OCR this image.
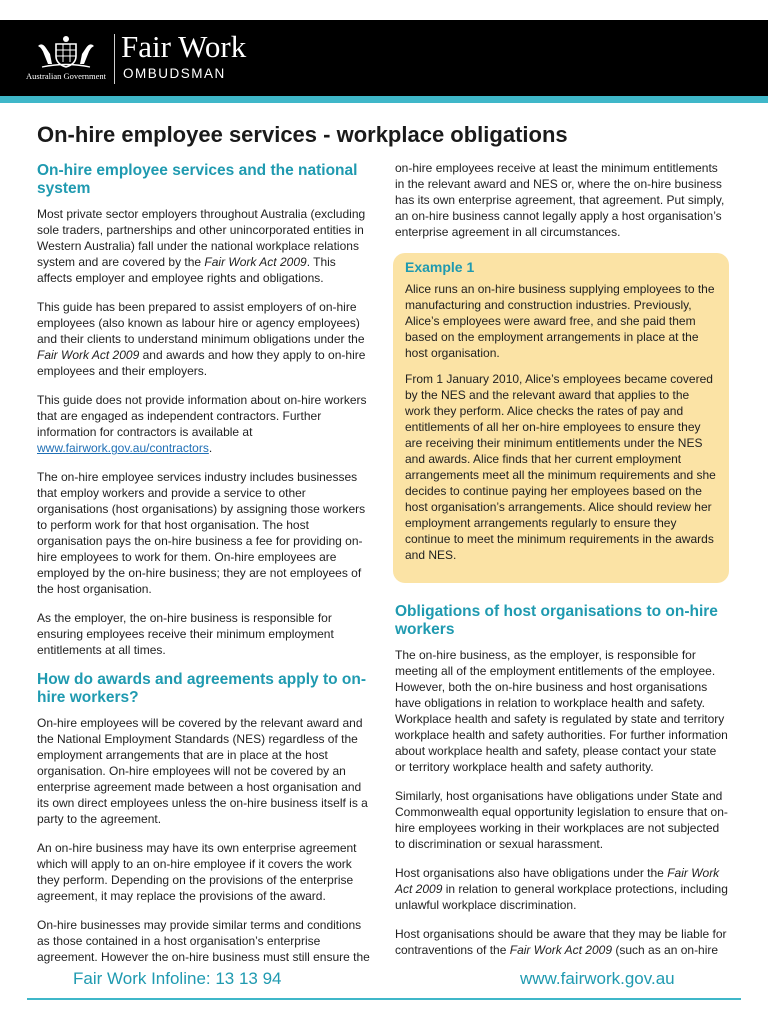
Australian Government
Fair Work
OMBUDSMAN
On-hire employee services - workplace obligations
On-hire employee services and the national system

Most private sector employers throughout Australia (excluding sole traders, partnerships and other unincorporated entities in Western Australia) fall under the national workplace relations system and are covered by the Fair Work Act 2009. This affects employer and employee rights and obligations.

This guide has been prepared to assist employers of on-hire employees (also known as labour hire or agency employees) and their clients to understand minimum obligations under the Fair Work Act 2009 and awards and how they apply to on-hire employees and their employers.

This guide does not provide information about on-hire workers that are engaged as independent contractors. Further information for contractors is available at www.fairwork.gov.au/contractors.

The on-hire employee services industry includes businesses that employ workers and provide a service to other organisations (host organisations) by assigning those workers to perform work for that host organisation. The host organisation pays the on-hire business a fee for providing on-hire employees to work for them. On-hire employees are employed by the on-hire business; they are not employees of the host organisation.

As the employer, the on-hire business is responsible for ensuring employees receive their minimum employment entitlements at all times.

How do awards and agreements apply to on-hire workers?

On-hire employees will be covered by the relevant award and the National Employment Standards (NES) regardless of the employment arrangements that are in place at the host organisation. On-hire employees will not be covered by an enterprise agreement made between a host organisation and its own direct employees unless the on-hire business itself is a party to the agreement.

An on-hire business may have its own enterprise agreement which will apply to an on-hire employee if it covers the work they perform. Depending on the provisions of the enterprise agreement, it may replace the provisions of the award.

On-hire businesses may provide similar terms and conditions as those contained in a host organisation’s enterprise agreement. However the on-hire business must still ensure the

on-hire employees receive at least the minimum entitlements in the relevant award and NES or, where the on-hire business has its own enterprise agreement, that agreement. Put simply, an on-hire business cannot legally apply a host organisation’s enterprise agreement in all circumstances.

Example 1

Alice runs an on-hire business supplying employees to the manufacturing and construction industries. Previously, Alice’s employees were award free, and she paid them based on the employment arrangements in place at the host organisation.

From 1 January 2010, Alice’s employees became covered by the NES and the relevant award that applies to the work they perform. Alice checks the rates of pay and entitlements of all her on-hire employees to ensure they are receiving their minimum entitlements under the NES and awards. Alice finds that her current employment arrangements meet all the minimum requirements and she decides to continue paying her employees based on the host organisation’s arrangements. Alice should review her employment arrangements regularly to ensure they continue to meet the minimum requirements in the awards and NES.

Obligations of host organisations to on-hire workers

The on-hire business, as the employer, is responsible for meeting all of the employment entitlements of the employee. However, both the on-hire business and host organisations have obligations in relation to workplace health and safety. Workplace health and safety is regulated by state and territory workplace health and safety authorities. For further information about workplace health and safety, please contact your state or territory workplace health and safety authority.

Similarly, host organisations have obligations under State and Commonwealth equal opportunity legislation to ensure that on-hire employees working in their workplaces are not subjected to discrimination or sexual harassment.

Host organisations also have obligations under the Fair Work Act 2009 in relation to general workplace protections, including unlawful workplace discrimination.

Host organisations should be aware that they may be liable for contraventions of the Fair Work Act 2009 (such as an on-hire

Fair Work Infoline: 13 13 94	www.fairwork.gov.au
